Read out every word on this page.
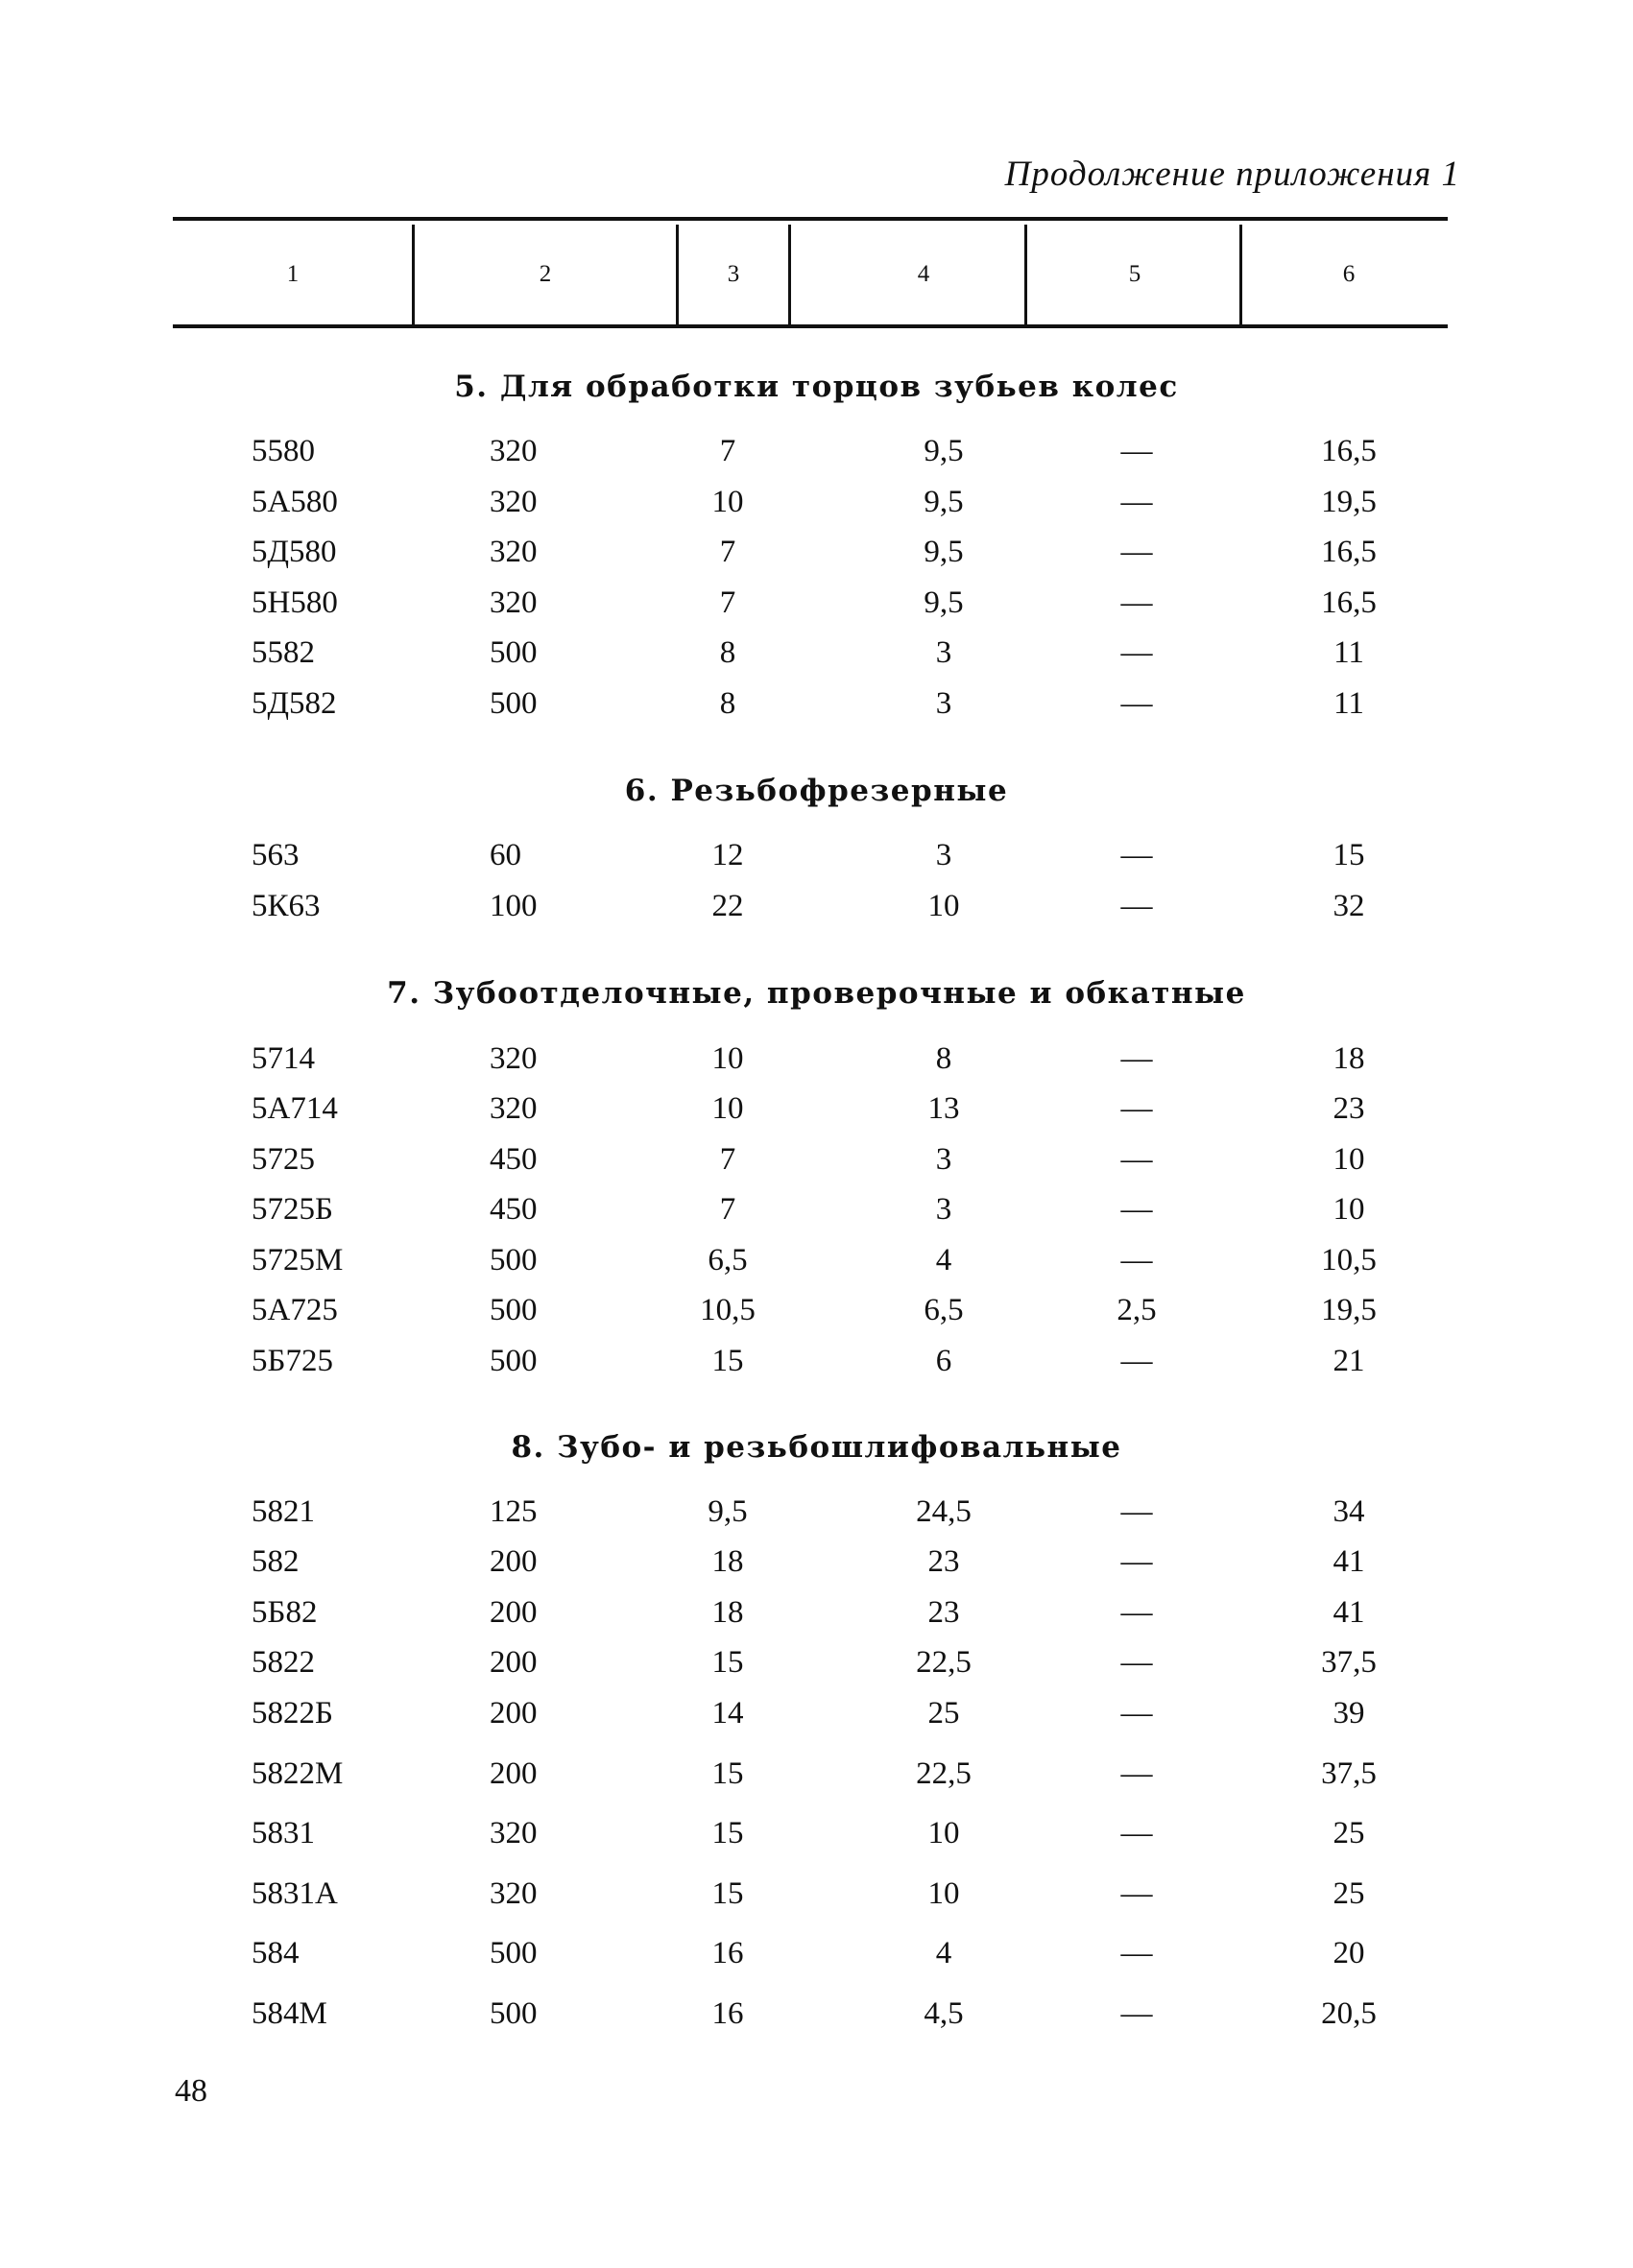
Продолжение приложения 1
1	2	3	4	5	6
5. Для обработки торцов зубьев колес
5580	320	7	9,5	—	16,5
5А580	320	10	9,5	—	19,5
5Д580	320	7	9,5	—	16,5
5Н580	320	7	9,5	—	16,5
5582	500	8	3	—	11
5Д582	500	8	3	—	11
6. Резьбофрезерные
563	60	12	3	—	15
5К63	100	22	10	—	32
7. Зубоотделочные, проверочные и обкатные
5714	320	10	8	—	18
5А714	320	10	13	—	23
5725	450	7	3	—	10
5725Б	450	7	3	—	10
5725М	500	6,5	4	—	10,5
5А725	500	10,5	6,5	2,5	19,5
5Б725	500	15	6	—	21
8. Зубо- и резьбошлифовальные
5821	125	9,5	24,5	—	34
582	200	18	23	—	41
5Б82	200	18	23	—	41
5822	200	15	22,5	—	37,5
5822Б	200	14	25	—	39
5822М	200	15	22,5	—	37,5
5831	320	15	10	—	25
5831А	320	15	10	—	25
584	500	16	4	—	20
584М	500	16	4,5	—	20,5
48
